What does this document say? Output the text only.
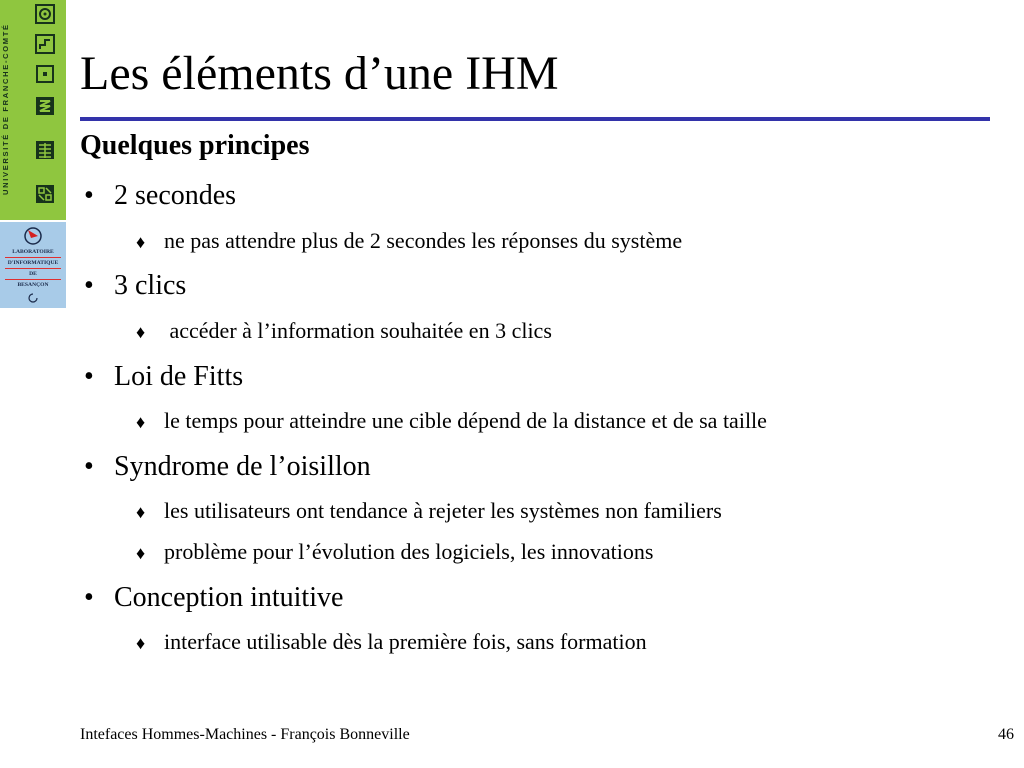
UNIVERSITÉ DE FRANCHE-COMTÉ
LABORATOIRE
D'INFORMATIQUE
DE
BESANÇON
Les éléments d’une IHM
Quelques principes
• 2 secondes
♦ ne pas attendre plus de 2 secondes les réponses du système
• 3 clics
♦ accéder à l’information souhaitée en 3 clics
• Loi de Fitts
♦ le temps pour atteindre une cible dépend de la distance et de sa taille
• Syndrome de l’oisillon
♦ les utilisateurs ont tendance à rejeter les systèmes non familiers
♦ problème pour l’évolution des logiciels, les innovations
• Conception intuitive
♦ interface utilisable dès la première fois, sans formation
Intefaces Hommes-Machines - François Bonneville	46
